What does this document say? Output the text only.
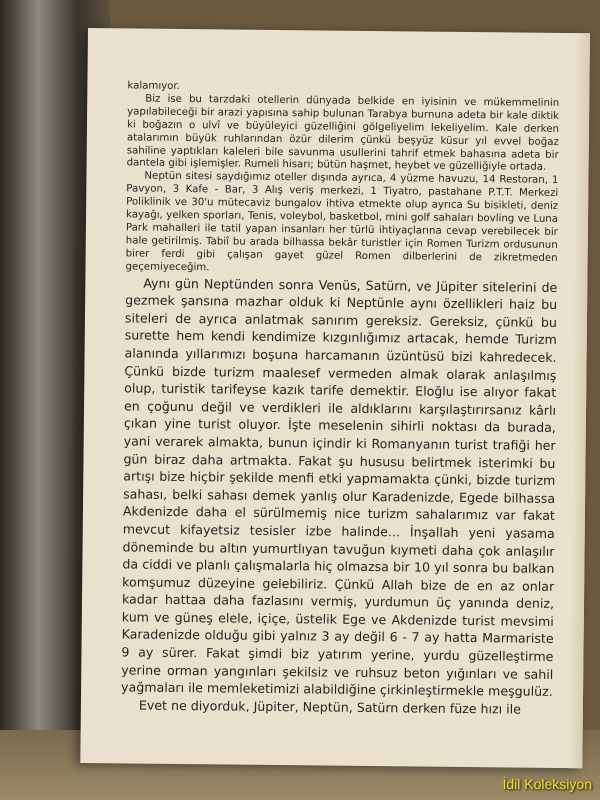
kalamıyor.

Biz ise bu tarzdaki otellerin dünyada belkide en iyisinin ve mükemmelinin yapılabileceği bir arazi yapısına sahip bulunan Tarabya burnuna adeta bir kale diktik ki boğazın o ulvî ve büyüleyici güzelliğini gölgeliyelim lekeliyelim. Kale derken atalarımın büyük ruhlarından özür dilerim çünkü beşyüz küsur yıl evvel boğaz sahiline yaptıkları kaleleri bile savunma usullerini tahrif etmek bahasına adeta bir dantela gibi işlemişler. Rumeli hisarı; bütün haşmet, heybet ve güzelliğiyle ortada.

Neptün sitesi saydığımız oteller dışında ayrıca, 4 yüzme havuzu, 14 Restoran, 1 Pavyon, 3 Kafe - Bar, 3 Alış veriş merkezi, 1 Tiyatro, pastahane P.T.T. Merkezi Poliklinik ve 30'u mütecaviz bungalov ihtiva etmekte olup ayrıca Su bisikleti, deniz kayağı, yelken sporları, Tenis, voleybol, basketbol, mini golf sahaları bovling ve Luna Park mahalleri ile tatil yapan insanları her türlü ihtiyaçlarına cevap verebilecek bir hale getirilmiş. Tabiî bu arada bilhassa bekâr turistler için Romen Turizm ordusunun birer ferdi gibi çalışan gayet güzel Romen dilberlerini de zikretmeden geçemiyeceğim.

Aynı gün Neptünden sonra Venüs, Satürn, ve Jüpiter sitelerini de gezmek şansına mazhar olduk ki Neptünle aynı özellikleri haiz bu siteleri de ayrıca anlatmak sanırım gereksiz. Gereksiz, çünkü bu surette hem kendi kendimize kızgınlığımız artacak, hemde Turizm alanında yıllarımızı boşuna harcamanın üzüntüsü bizi kahredecek. Çünkü bizde turizm maalesef vermeden almak olarak anlaşılmış olup, turistik tarifeyse kazık tarife demektir. Eloğlu ise alıyor fakat en çoğunu değil ve verdikleri ile aldıklarını karşılaştırırsanız kârlı çıkan yine turist oluyor. İşte meselenin sihirli noktası da burada, yani verarek almakta, bunun içindir ki Romanyanın turist trafiği her gün biraz daha artmakta. Fakat şu hususu belirtmek isterimki bu artışı bize hiçbir şekilde menfi etki yapmamakta çünki, bizde turizm sahası, belki sahası demek yanlış olur Karadenizde, Egede bilhassa Akdenizde daha el sürülmemiş nice turizm sahalarımız var fakat mevcut kifayetsiz tesisler izbe halinde... İnşallah yeni yasama döneminde bu altın yumurtlıyan tavuğun kıymeti daha çok anlaşılır da ciddi ve planlı çalışmalarla hiç olmazsa bir 10 yıl sonra bu balkan komşumuz düzeyine gelebiliriz. Çünkü Allah bize de en az onlar kadar hattaa daha fazlasını vermiş, yurdumun üç yanında deniz, kum ve güneş elele, içiçe, üstelik Ege ve Akdenizde turist mevsimi Karadenizde olduğu gibi yalnız 3 ay değil 6 - 7 ay hatta Marmariste 9 ay sürer. Fakat şimdi biz yatırım yerine, yurdu güzelleştirme yerine orman yangınları şekilsiz ve ruhsuz beton yığınları ve sahil yağmaları ile memleketimizi alabildiğine çirkinleştirmekle meşgulüz.

Evet ne diyorduk, Jüpiter, Neptün, Satürn derken füze hızı ile

İdil Koleksiyon
